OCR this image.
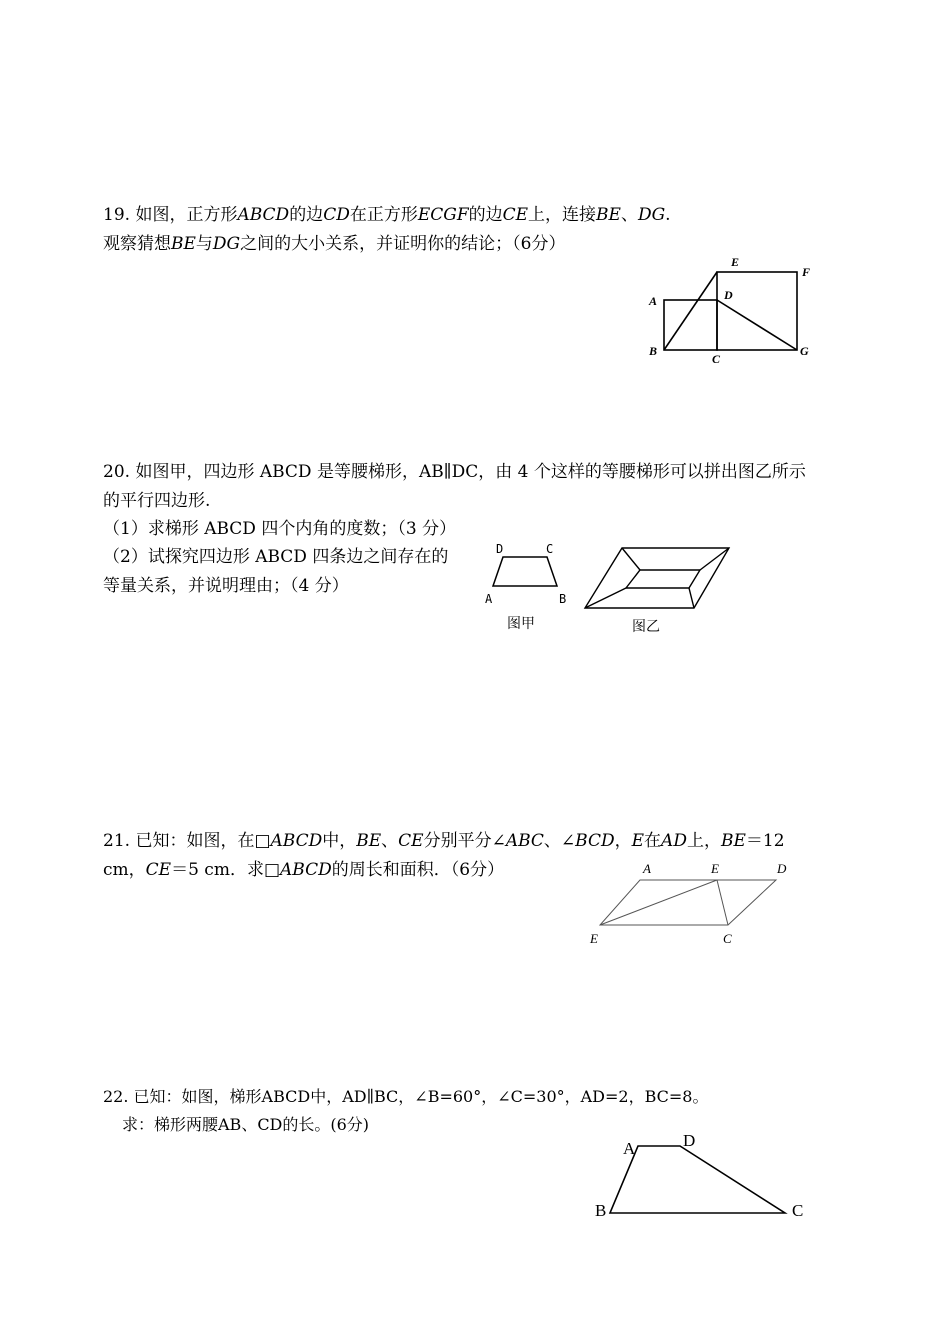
19. 如图，正方形ABCD的边CD在正方形ECGF的边CE上，连接BE、DG.
观察猜想BE与DG之间的大小关系，并证明你的结论；（6分）
E
F
A	D
B
C
G
20. 如图甲，四边形 ABCD 是等腰梯形，AB∥DC，由 4 个这样的等腰梯形可以拼出图乙所示
的平行四边形.
（1）求梯形 ABCD 四个内角的度数；（3 分）
（2）试探究四边形 ABCD 四条边之间存在的
等量关系，并说明理由；（4 分）
D	C
A	B
图甲	图乙
21. 已知：如图，在□ABCD中，BE、CE分别平分∠ABC、∠BCD，E在AD上，BE＝12
cm，CE＝5 cm．求□ABCD的周长和面积．（6分）	A	E	D
E	C
22. 已知：如图，梯形ABCD中，AD∥BC，∠B=60°，∠C=30°，AD=2，BC=8。
求：梯形两腰AB、CD的长。(6分)
A	D
B	C
